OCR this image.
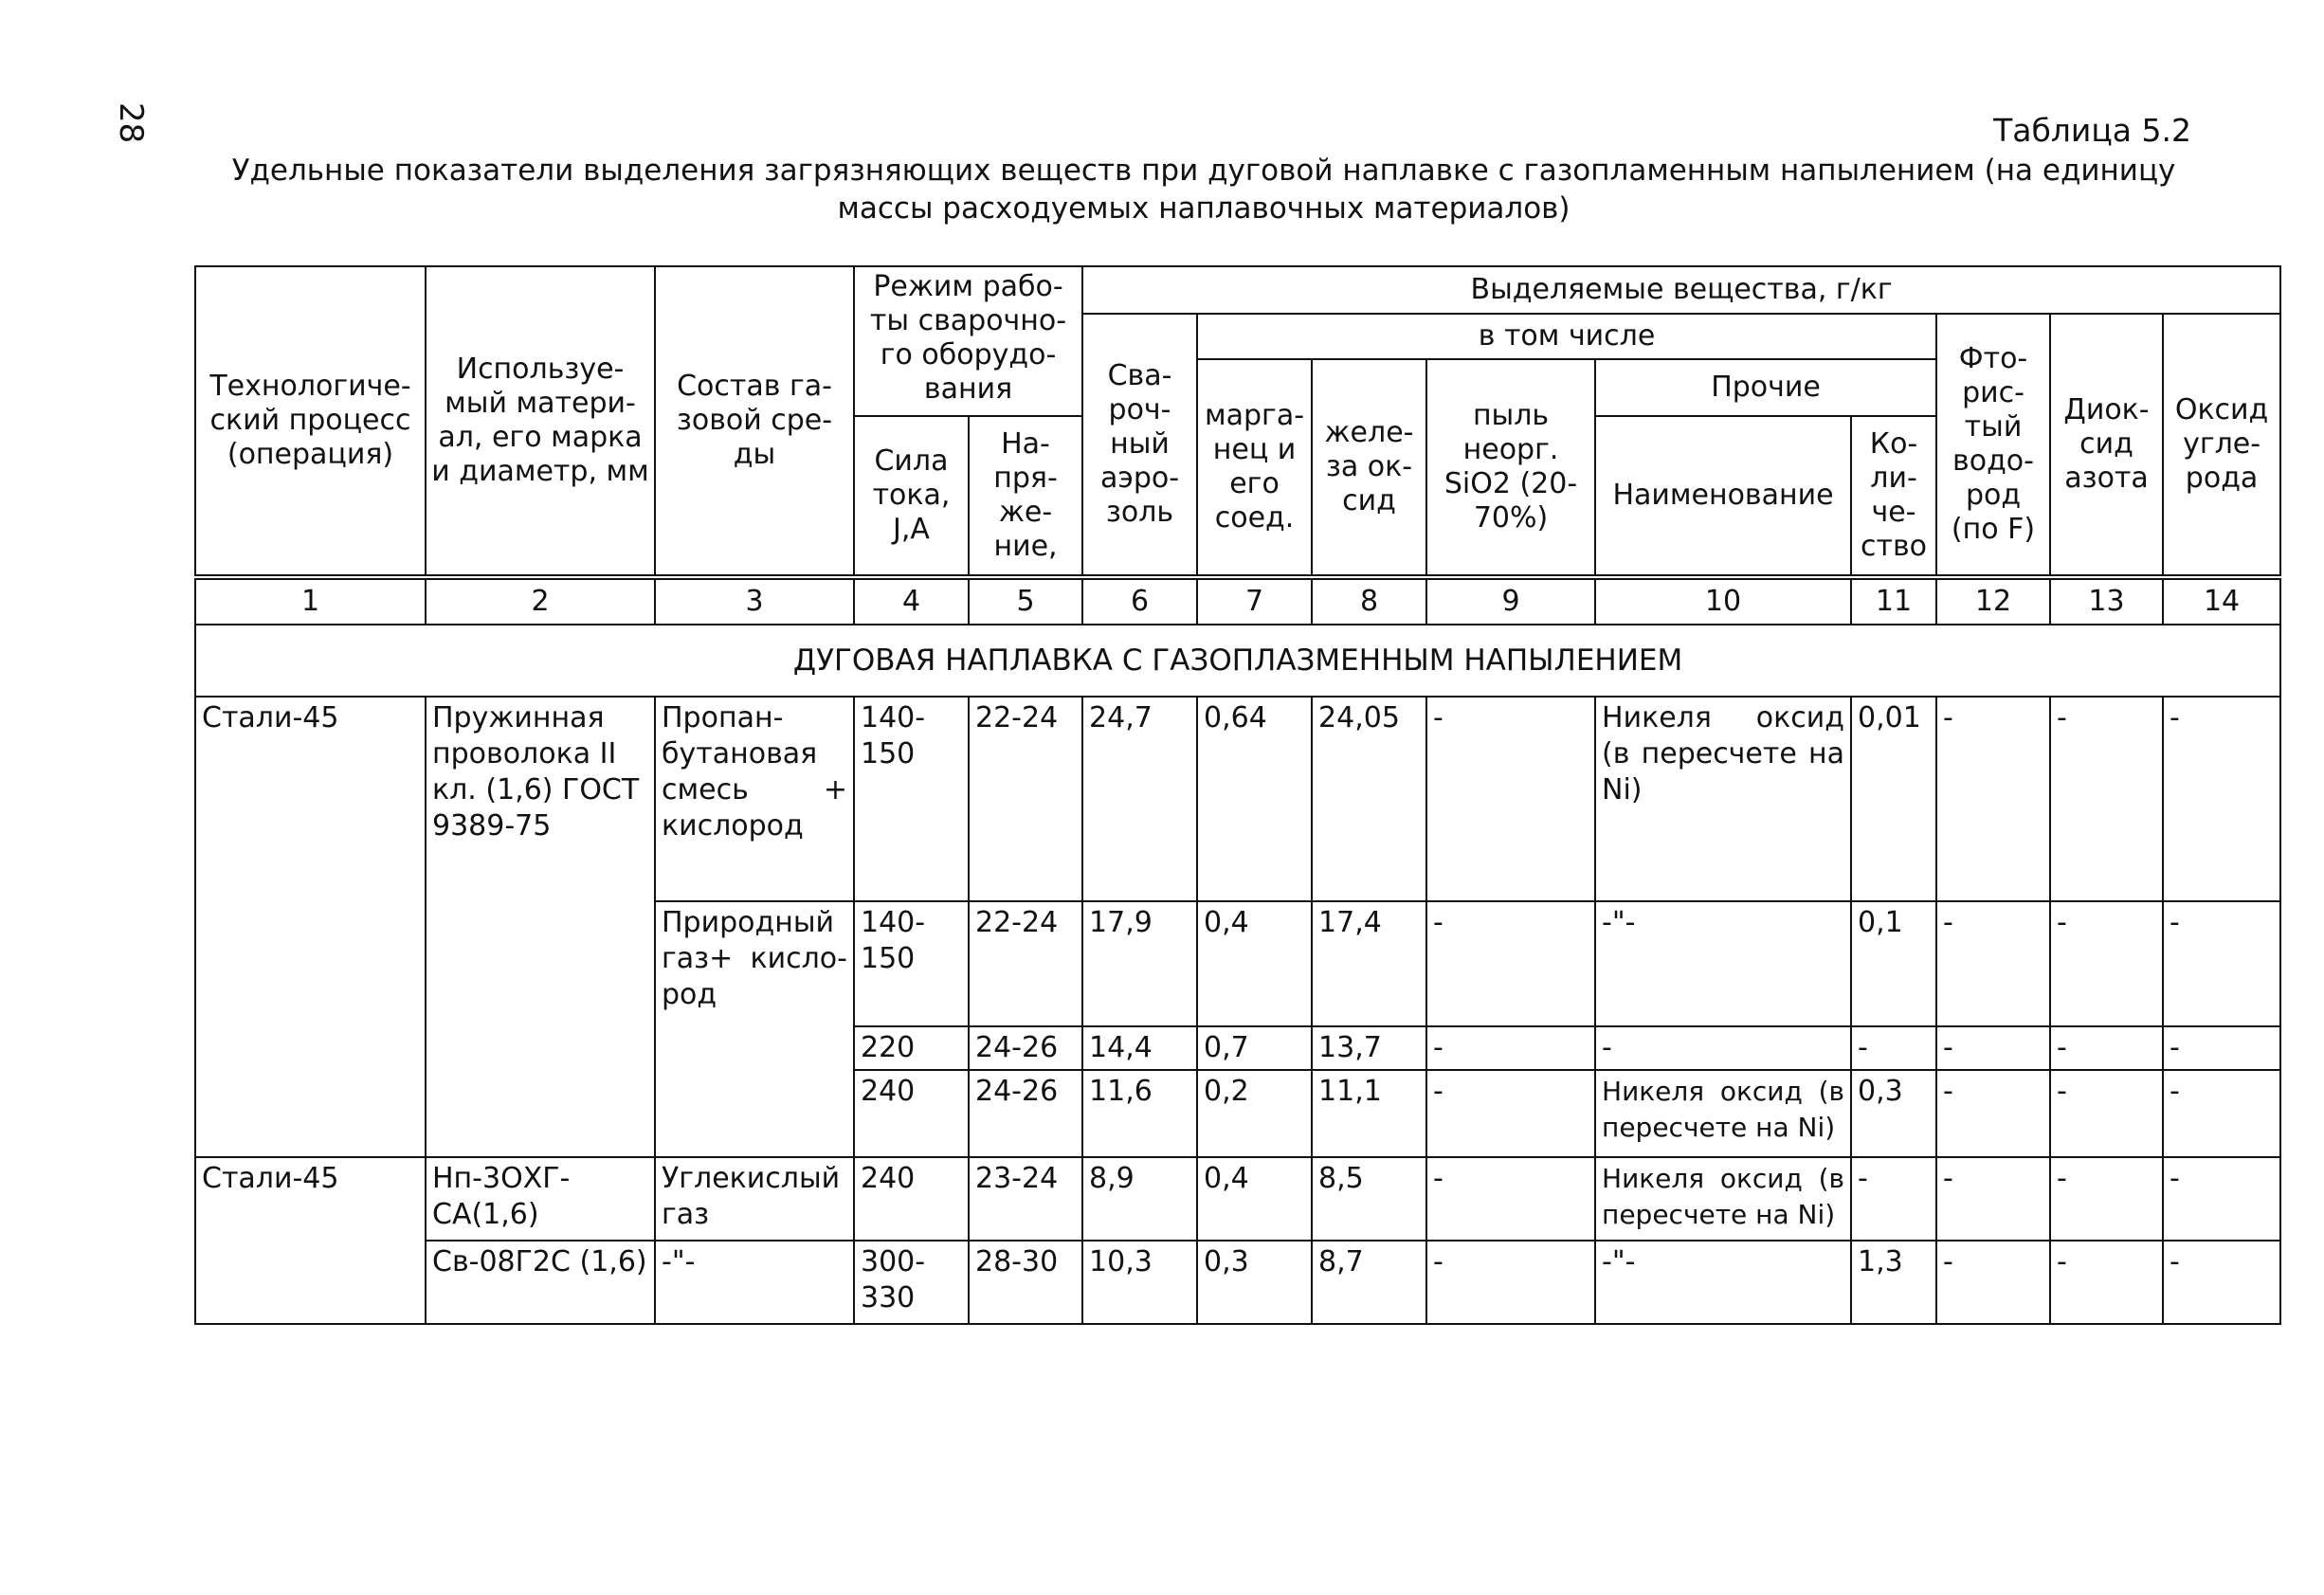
28	Таблица 5.2
Удельные показатели выделения загрязняющих веществ при дуговой наплавке с газопламенным напылением (на единицу массы расходуемых наплавочных материалов)
Технологиче-ский процесс (операция)	Используе-мый матери-ал, его марка и диаметр, мм	Состав га-зовой сре-ды	Режим рабо-ты сварочно-го оборудо-вания		Выделяемые вещества, г/кг								
					Сва-роч-ный аэро-золь	в том числе					Фто-рис-тый водо-род (по F)	Диок-сид азота	Оксид угле-рода
						марга-нец и его соед.	желе-за ок-сид	пыль неорг. SiO2 (20-70%)	Прочие				
			Сила тока, J,A	На-пря-же-ние,					Наименование	Ко-ли-че-ство			
1	2	3	4	5	6	7	8	9	10	11	12	13	14
ДУГОВАЯ НАПЛАВКА С ГАЗОПЛАЗМЕННЫМ НАПЫЛЕНИЕМ													
Стали-45	Пружинная проволока II кл. (1,6) ГОСТ 9389-75	Пропан-бутановая смесь + кислород	140-150	22-24	24,7	0,64	24,05	-	Никеля оксид (в пересчете на Ni)	0,01	-	-	-
		Природный газ+ кисло-род	140-150	22-24	17,9	0,4	17,4	-	-"-	0,1	-	-	-
			220	24-26	14,4	0,7	13,7	-	-	-	-	-	-
			240	24-26	11,6	0,2	11,1	-	Никеля оксид (в пересчете на Ni)	0,3	-	-	-
Стали-45	Нп-3ОХГ-СА(1,6)	Углекислый газ	240	23-24	8,9	0,4	8,5	-	Никеля оксид (в пересчете на Ni)	-	-	-	-
	Св-08Г2С (1,6)	-"-	300-330	28-30	10,3	0,3	8,7	-	-"-	1,3	-	-	-
